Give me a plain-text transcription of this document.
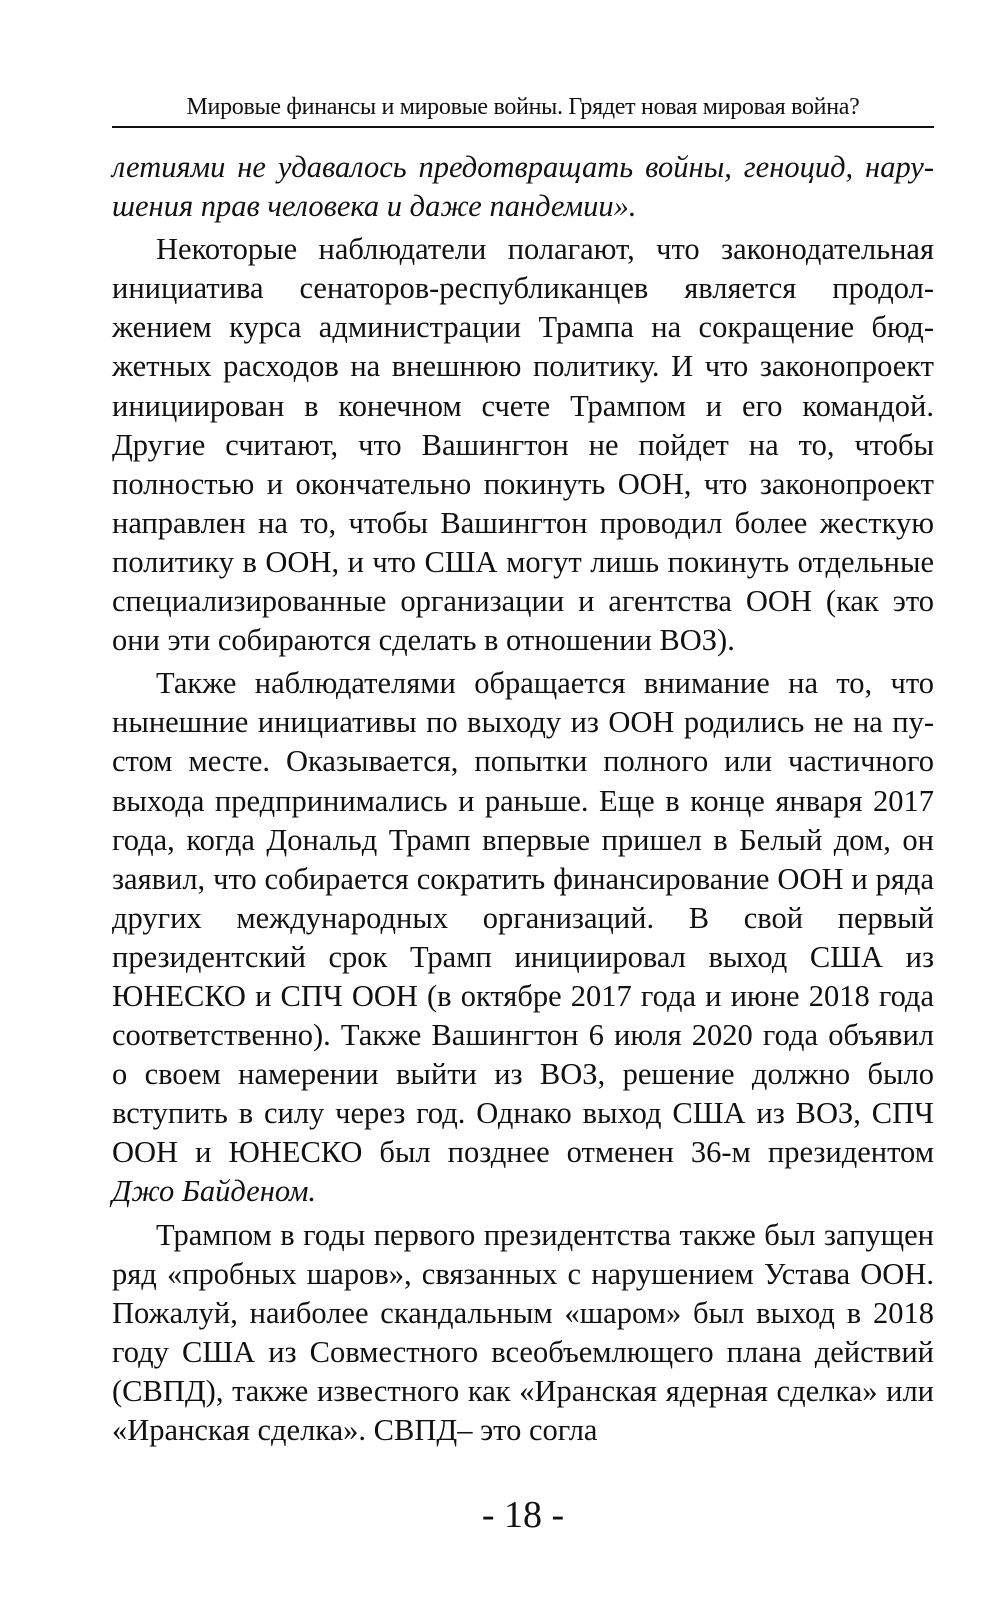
Мировые финансы и мировые войны. Грядет новая мировая война?

летиями не удавалось предотвращать войны, геноцид, нарушения прав человека и даже пандемии».

Некоторые наблюдатели полагают, что законодательная инициатива сенаторов-республиканцев является продолжением курса администрации Трампа на сокращение бюджетных расходов на внешнюю политику. И что законопроект инициирован в конечном счете Трампом и его командой. Другие считают, что Вашингтон не пойдет на то, чтобы полностью и окончательно покинуть ООН, что законопроект направлен на то, чтобы Вашингтон проводил более жесткую политику в ООН, и что США могут лишь покинуть отдельные специализированные организации и агентства ООН (как это они эти собираются сделать в отношении ВОЗ).

Также наблюдателями обращается внимание на то, что нынешние инициативы по выходу из ООН родились не на пустом месте. Оказывается, попытки полного или частичного выхода предпринимались и раньше. Еще в конце января 2017 года, когда Дональд Трамп впервые пришел в Белый дом, он заявил, что собирается сократить финансирование ООН и ряда других международных организаций. В свой первый президентский срок Трамп инициировал выход США из ЮНЕСКО и СПЧ ООН (в октябре 2017 года и июне 2018 года соответственно). Также Вашингтон 6 июля 2020 года объявил о своем намерении выйти из ВОЗ, решение должно было вступить в силу через год. Однако выход США из ВОЗ, СПЧ ООН и ЮНЕСКО был позднее отменен 36-м президентом Джо Байденом.

Трампом в годы первого президентства также был запущен ряд «пробных шаров», связанных с нарушением Устава ООН. Пожалуй, наиболее скандальным «шаром» был выход в 2018 году США из Совместного всеобъемлющего плана действий (СВПД), также известного как «Иранская ядерная сделка» или «Иранская сделка». СВПД– это согла

- 18 -
